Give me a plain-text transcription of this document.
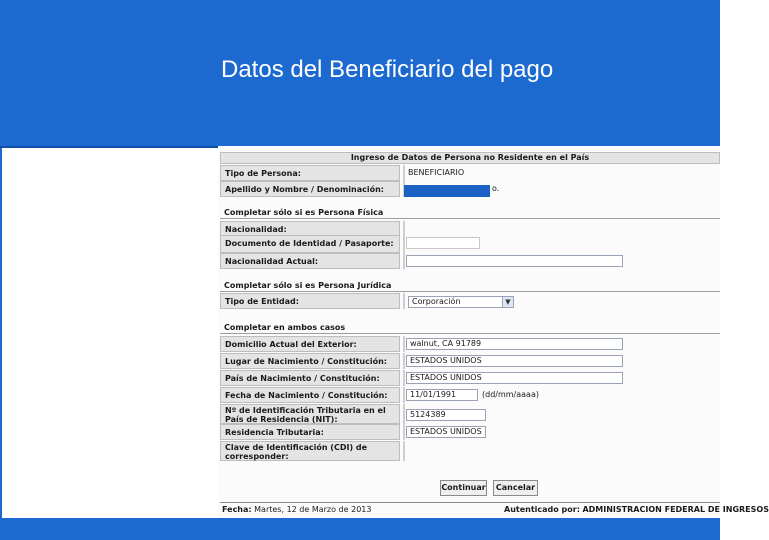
Datos del Beneficiario del pago
Ingreso de Datos de Persona no Residente en el País
Tipo de Persona:	BENEFICIARIO
Apellido y Nombre / Denominación:	o.
Completar sólo si es Persona Física
Nacionalidad:
Documento de Identidad / Pasaporte:
Nacionalidad Actual:
Completar sólo si es Persona Jurídica
Tipo de Entidad:	Corporación	▼
Completar en ambos casos
Domicilio Actual del Exterior:	walnut, CA 91789
Lugar de Nacimiento / Constitución:	ESTADOS UNIDOS
País de Nacimiento / Constitución:	ESTADOS UNIDOS
Fecha de Nacimiento / Constitución:	11/01/1991	(dd/mm/aaaa)
Nº de Identificación Tributaria en el País de Residencia (NIT):
5124389
Residencia Tributaria:	ESTADOS UNIDOS
Clave de Identificación (CDI) de corresponder:
Continuar	Cancelar
Fecha: Martes, 12 de Marzo de 2013	Autenticado por: ADMINISTRACION FEDERAL DE INGRESOS
